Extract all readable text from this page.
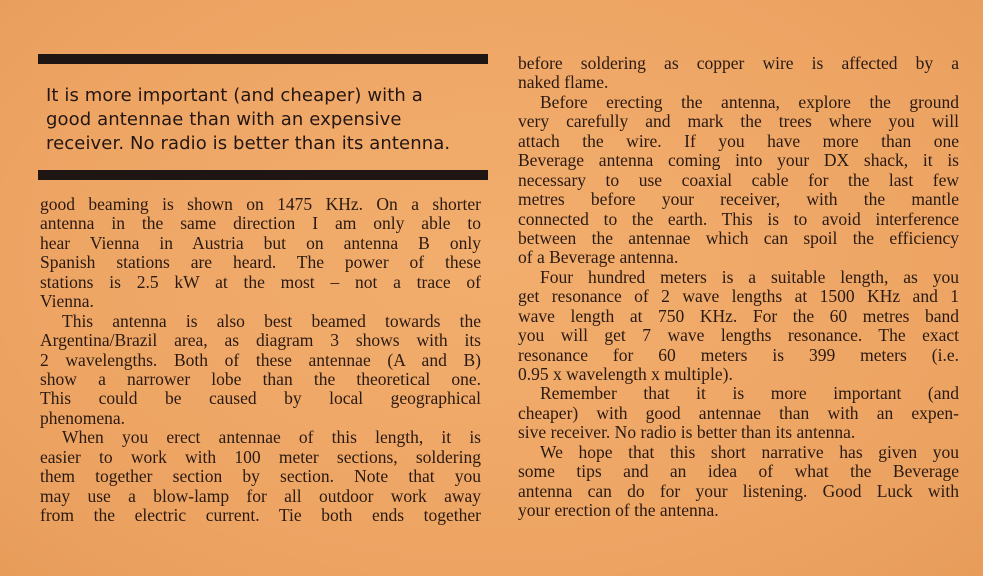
It is more important (and cheaper) with a
good antennae than with an expensive
receiver. No radio is better than its antenna.
good beaming is shown on 1475 KHz. On a shorter
antenna in the same direction I am only able to
hear Vienna in Austria but on antenna B only
Spanish stations are heard. The power of these
stations is 2.5 kW at the most – not a trace of
Vienna.
This antenna is also best beamed towards the
Argentina/Brazil area, as diagram 3 shows with its
2 wavelengths. Both of these antennae (A and B)
show a narrower lobe than the theoretical one.
This could be caused by local geographical
phenomena.
When you erect antennae of this length, it is
easier to work with 100 meter sections, soldering
them together section by section. Note that you
may use a blow-lamp for all outdoor work away
from the electric current. Tie both ends together
before soldering as copper wire is affected by a
naked flame.
Before erecting the antenna, explore the ground
very carefully and mark the trees where you will
attach the wire. If you have more than one
Beverage antenna coming into your DX shack, it is
necessary to use coaxial cable for the last few
metres before your receiver, with the mantle
connected to the earth. This is to avoid interference
between the antennae which can spoil the efficiency
of a Beverage antenna.
Four hundred meters is a suitable length, as you
get resonance of 2 wave lengths at 1500 KHz and 1
wave length at 750 KHz. For the 60 metres band
you will get 7 wave lengths resonance. The exact
resonance for 60 meters is 399 meters (i.e.
0.95 x wavelength x multiple).
Remember that it is more important (and
cheaper) with good antennae than with an expen-
sive receiver. No radio is better than its antenna.
We hope that this short narrative has given you
some tips and an idea of what the Beverage
antenna can do for your listening. Good Luck with
your erection of the antenna.
